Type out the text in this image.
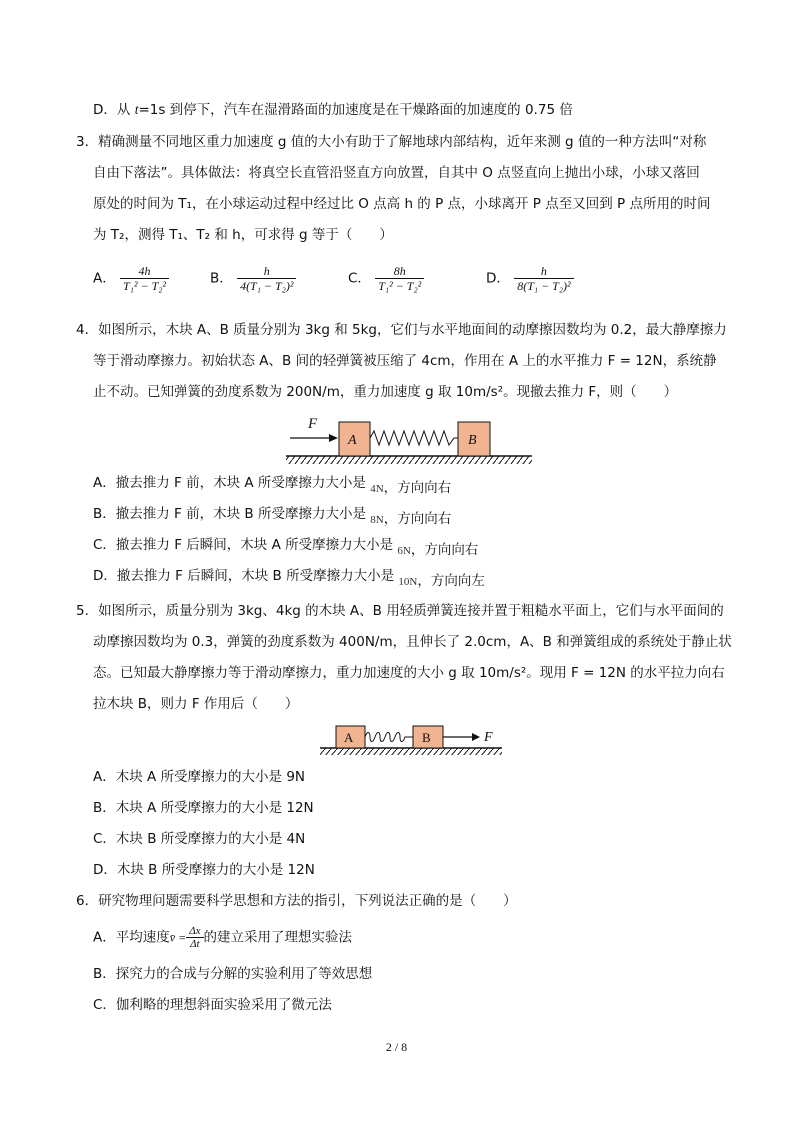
D．从 t=1s 到停下，汽车在湿滑路面的加速度是在干燥路面的加速度的 0.75 倍
3．精确测量不同地区重力加速度 g 值的大小有助于了解地球内部结构，近年来测 g 值的一种方法叫“对称
自由下落法”。具体做法：将真空长直管沿竖直方向放置，自其中 O 点竖直向上抛出小球，小球又落回
原处的时间为 T₁，在小球运动过程中经过比 O 点高 h 的 P 点，小球离开 P 点至又回到 P 点所用的时间
为 T₂，测得 T₁、T₂ 和 h，可求得 g 等于（　　）
A． $\frac{4h}{\text{T₁² − T₂²}}$	B． $\frac{h}{\text{4(T₁ − T₂)²}}$	C． $\frac{8h}{\text{T₁² − T₂²}}$	D． $\frac{h}{\text{8(T₁ − T₂)²}}$
4．如图所示，木块 A、B 质量分别为 3kg 和 5kg，它们与水平地面间的动摩擦因数均为 0.2，最大静摩擦力
等于滑动摩擦力。初始状态 A、B 间的轻弹簧被压缩了 4cm，作用在 A 上的水平推力 F = 12N，系统静
止不动。已知弹簧的劲度系数为 200N/m，重力加速度 g 取 10m/s²。现撤去推力 F，则（　　）
F
A	B
A．撤去推力 F 前，木块 A 所受摩擦力大小是 $_{4N}$，方向向右
B．撤去推力 F 前，木块 B 所受摩擦力大小是 $_{8N}$，方向向右
C．撤去推力 F 后瞬间，木块 A 所受摩擦力大小是 $_{6N}$，方向向右
D．撤去推力 F 后瞬间，木块 B 所受摩擦力大小是 $_{10N}$，方向向左
5．如图所示，质量分别为 3kg、4kg 的木块 A、B 用轻质弹簧连接并置于粗糙水平面上，它们与水平面间的
动摩擦因数均为 0.3，弹簧的劲度系数为 400N/m，且伸长了 2.0cm，A、B 和弹簧组成的系统处于静止状
态。已知最大静摩擦力等于滑动摩擦力，重力加速度的大小 g 取 10m/s²。现用 F = 12N 的水平拉力向右
拉木块 B，则力 F 作用后（　　）
A	B	F
A．木块 A 所受摩擦力的大小是 9N
B．木块 A 所受摩擦力的大小是 12N
C．木块 B 所受摩擦力的大小是 4N
D．木块 B 所受摩擦力的大小是 12N
6．研究物理问题需要科学思想和方法的指引，下列说法正确的是（　　）
A．平均速度v̄ = $\frac{\Delta x}{\Delta t}$ 的建立采用了理想实验法
B．探究力的合成与分解的实验利用了等效思想
C．伽利略的理想斜面实验采用了微元法
2 / 8
